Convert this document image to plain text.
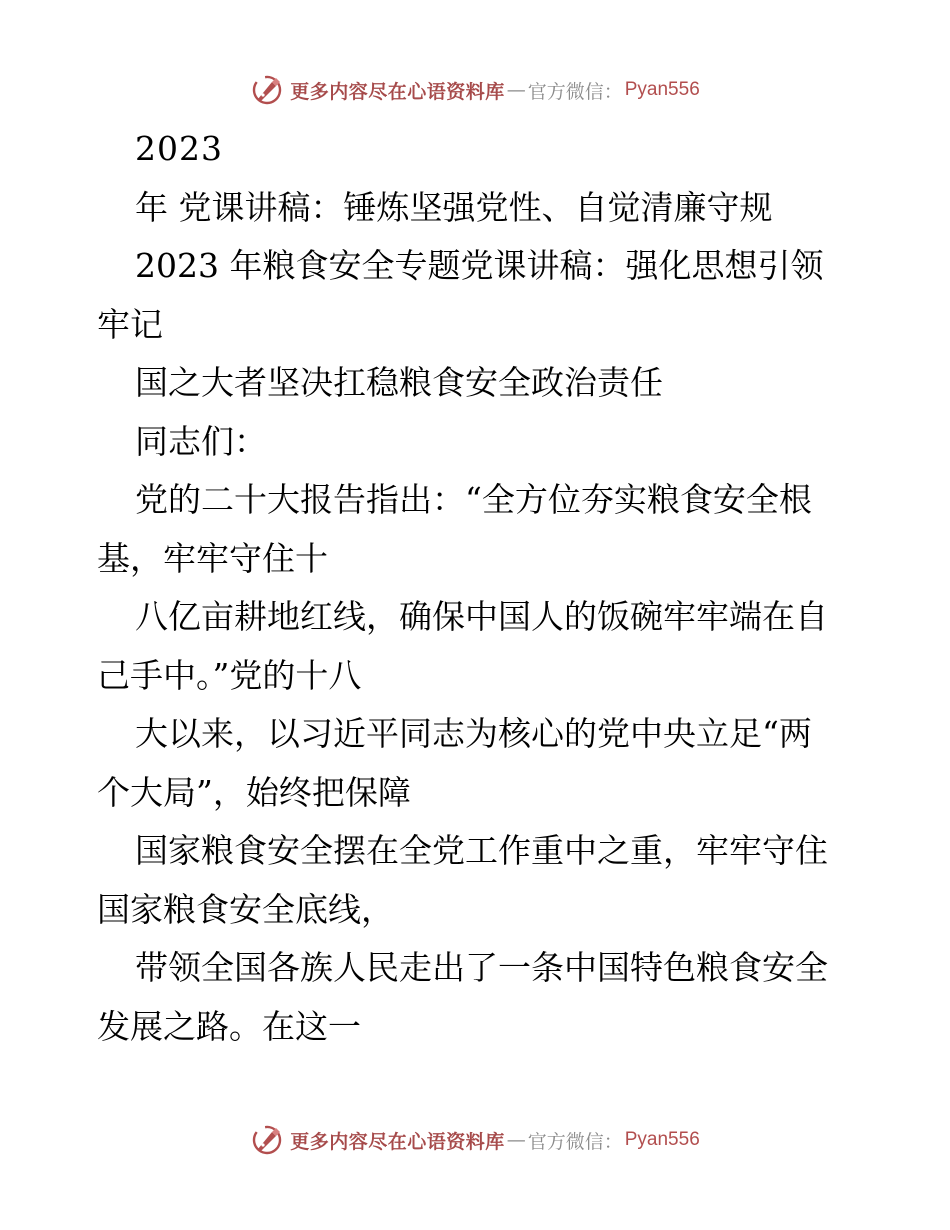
更多内容尽在心语资料库 — 官方微信： Pyan556
2023
年 党课讲稿：锤炼坚强党性、自觉清廉守规
2023 年粮食安全专题党课讲稿：强化思想引领
牢记
国之大者坚决扛稳粮食安全政治责任
同志们：
党的二十大报告指出：“全方位夯实粮食安全根
基，牢牢守住十
八亿亩耕地红线，确保中国人的饭碗牢牢端在自
己手中。”党的十八
大以来，以习近平同志为核心的党中央立足“两
个大局”，始终把保障
国家粮食安全摆在全党工作重中之重，牢牢守住
国家粮食安全底线，
带领全国各族人民走出了一条中国特色粮食安全
发展之路。在这一
更多内容尽在心语资料库 — 官方微信： Pyan556
